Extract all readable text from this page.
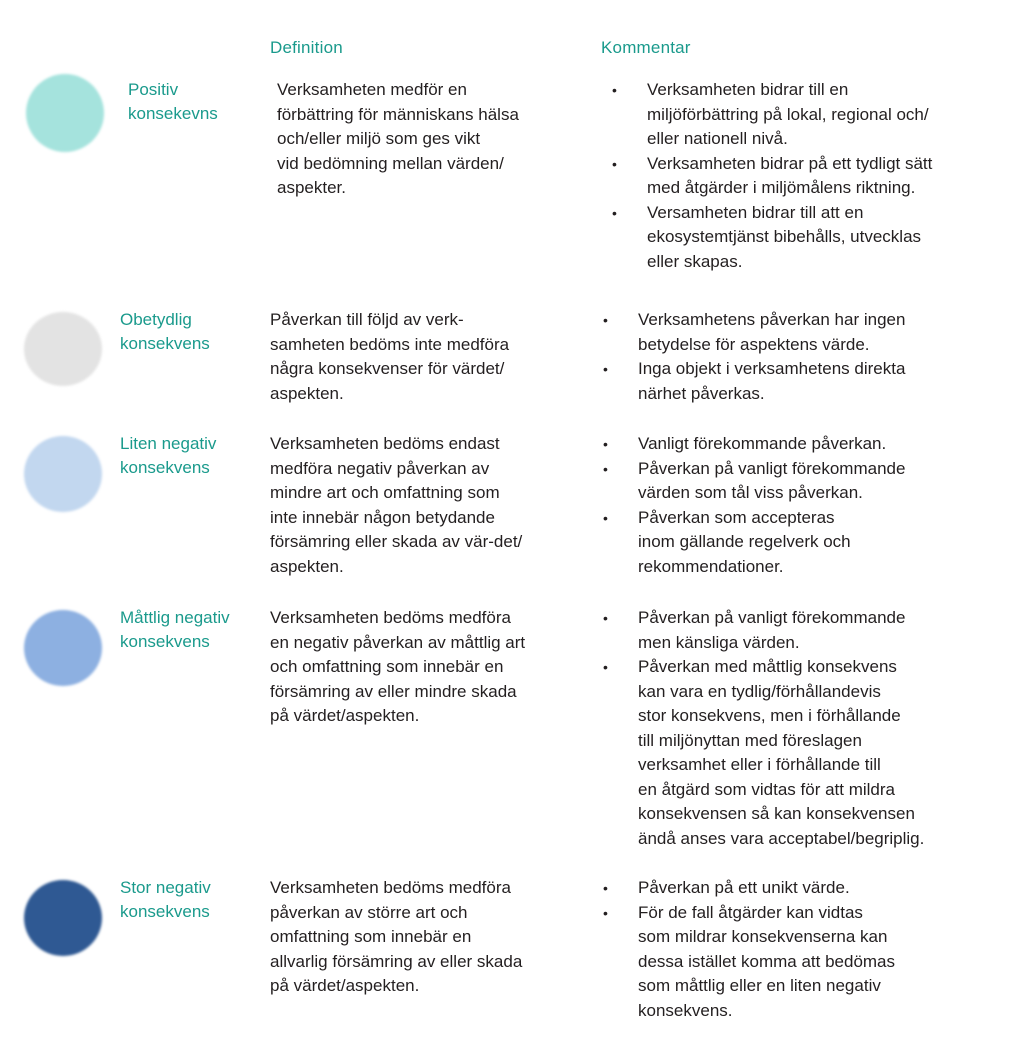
Definition	Kommentar
Positiv
konsekevns
Verksamheten medför en
förbättring för människans hälsa
och/eller miljö som ges vikt
vid bedömning mellan värden/
aspekter.
• Verksamheten bidrar till en
miljöförbättring på lokal, regional och/
eller nationell nivå.
• Verksamheten bidrar på ett tydligt sätt
med åtgärder i miljömålens riktning.
• Versamheten bidrar till att en
ekosystemtjänst bibehålls, utvecklas
eller skapas.
Obetydlig
konsekvens
Påverkan till följd av verk-
samheten bedöms inte medföra
några konsekvenser för värdet/
aspekten.
• Verksamhetens påverkan har ingen
betydelse för aspektens värde.
• Inga objekt i verksamhetens direkta
närhet påverkas.
Liten negativ
konsekvens
Verksamheten bedöms endast
medföra negativ påverkan av
mindre art och omfattning som
inte innebär någon betydande
försämring eller skada av vär-det/
aspekten.
• Vanligt förekommande påverkan.
• Påverkan på vanligt förekommande
värden som tål viss påverkan.
• Påverkan som accepteras
inom gällande regelverk och
rekommendationer.
Måttlig negativ
konsekvens
Verksamheten bedöms medföra
en negativ påverkan av måttlig art
och omfattning som innebär en
försämring av eller mindre skada
på värdet/aspekten.
• Påverkan på vanligt förekommande
men känsliga värden.
• Påverkan med måttlig konsekvens
kan vara en tydlig/förhållandevis
stor konsekvens, men i förhållande
till miljönyttan med föreslagen
verksamhet eller i förhållande till
en åtgärd som vidtas för att mildra
konsekvensen så kan konsekvensen
ändå anses vara acceptabel/begriplig.
Stor negativ
konsekvens
Verksamheten bedöms medföra
påverkan av större art och
omfattning som innebär en
allvarlig försämring av eller skada
på värdet/aspekten.
• Påverkan på ett unikt värde.
• För de fall åtgärder kan vidtas
som mildrar konsekvenserna kan
dessa istället komma att bedömas
som måttlig eller en liten negativ
konsekvens.
